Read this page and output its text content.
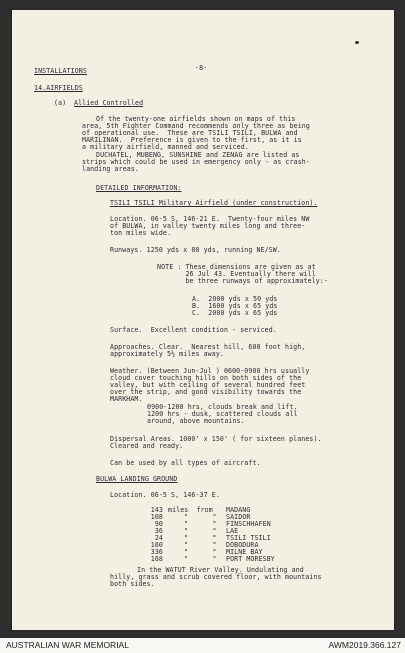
-8-
INSTALLATIONS
14.AIRFIELDS
(a) Allied Controlled
Of the twenty-one airfields shown on maps of this
area, 5th Fighter Command recommends only three as being
of operational use.  These are TSILI TSILI, BULWA and
MARILINAN.  Preference is given to the first, as it is
a military airfield, manned and serviced.
DUCHATEL, MUBENG, SUNSHINE and ZENAG are listed as
strips which could be used in emergency only - as crash-
landing areas.
DETAILED INFORMATION:
TSILI TSILI Military Airfield (under construction).
Location. 06-5 S, 146-21 E.  Twenty-four miles NW
of BULWA, in valley twenty miles long and three-
ton miles wide.
Runways. 1250 yds x 80 yds, running NE/SW.
NOTE : These dimensions are given as at
26 Jul 43. Eventually there will
be three runways of approximately:-
A.  2000 yds x 50 yds
B.  1600 yds x 65 yds
C.  2000 yds x 65 yds
Surface.  Excellent condition - serviced.
Approaches. Clear.  Nearest hill, 600 foot high,
approximately 5½ miles away.
Weather. (Between Jun-Jul ) 0600-0900 hrs usually
cloud cover touching hills on both sides of the
valley, but with ceiling of several hundred feet
over the strip, and good visibility towards the
MARKHAM.
0900-1200 hrs, clouds break and lift.
1200 hrs - dusk, scattered clouds all
around, above mountains.
Dispersal Areas. 1000' x 150' ( for sixteen planes).
Cleared and ready.
Can be used by all types of aircraft.
BULWA LANDING GROUND
Location. 06-5 S, 146-37 E.
143 miles  from MADANG
108	"      " SAIDOR
90	"      " FINSCHHAFEN
36	"      " LAE
24	"      " TSILI TSILI
160	"      " DOBODURA
336	"      " MILNE BAY
168	"      " PORT MORESBY
In the WATUT River Valley. Undulating and
hilly, grass and scrub covered floor, with mountains
both sides.
AUSTRALIAN WAR MEMORIAL	AWM2019.366.127
